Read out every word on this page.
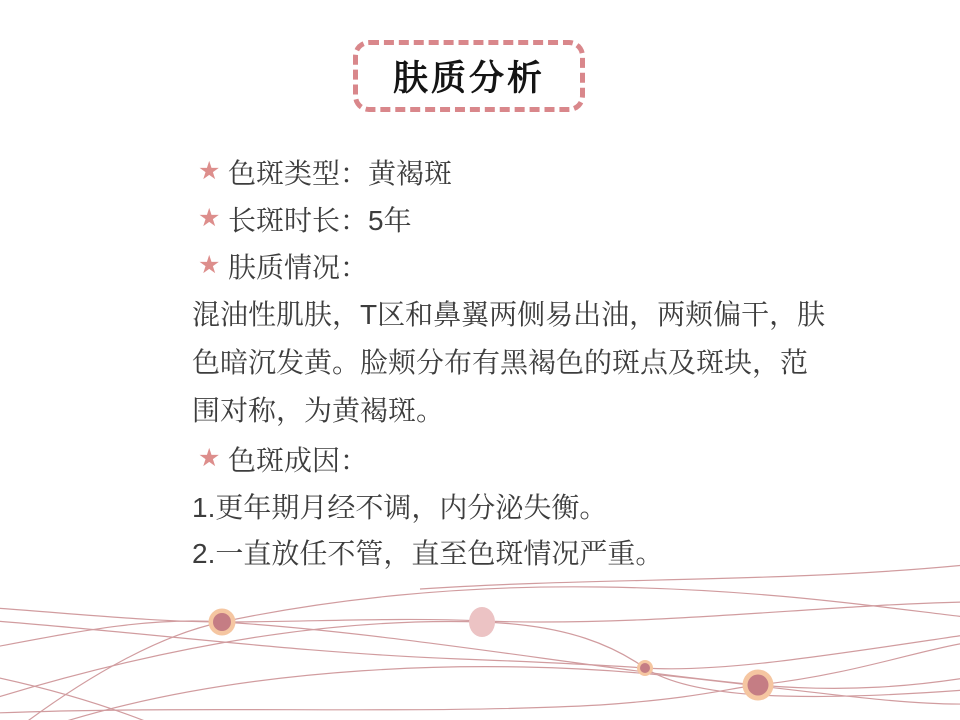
肤质分析
★ 色斑类型：黄褐斑
★ 长斑时长：5年
★ 肤质情况：
混油性肌肤，T区和鼻翼两侧易出油，两颊偏干，肤
色暗沉发黄。脸颊分布有黑褐色的斑点及斑块，范
围对称，为黄褐斑。
★ 色斑成因：
1.更年期月经不调，内分泌失衡。
2.一直放任不管，直至色斑情况严重。
